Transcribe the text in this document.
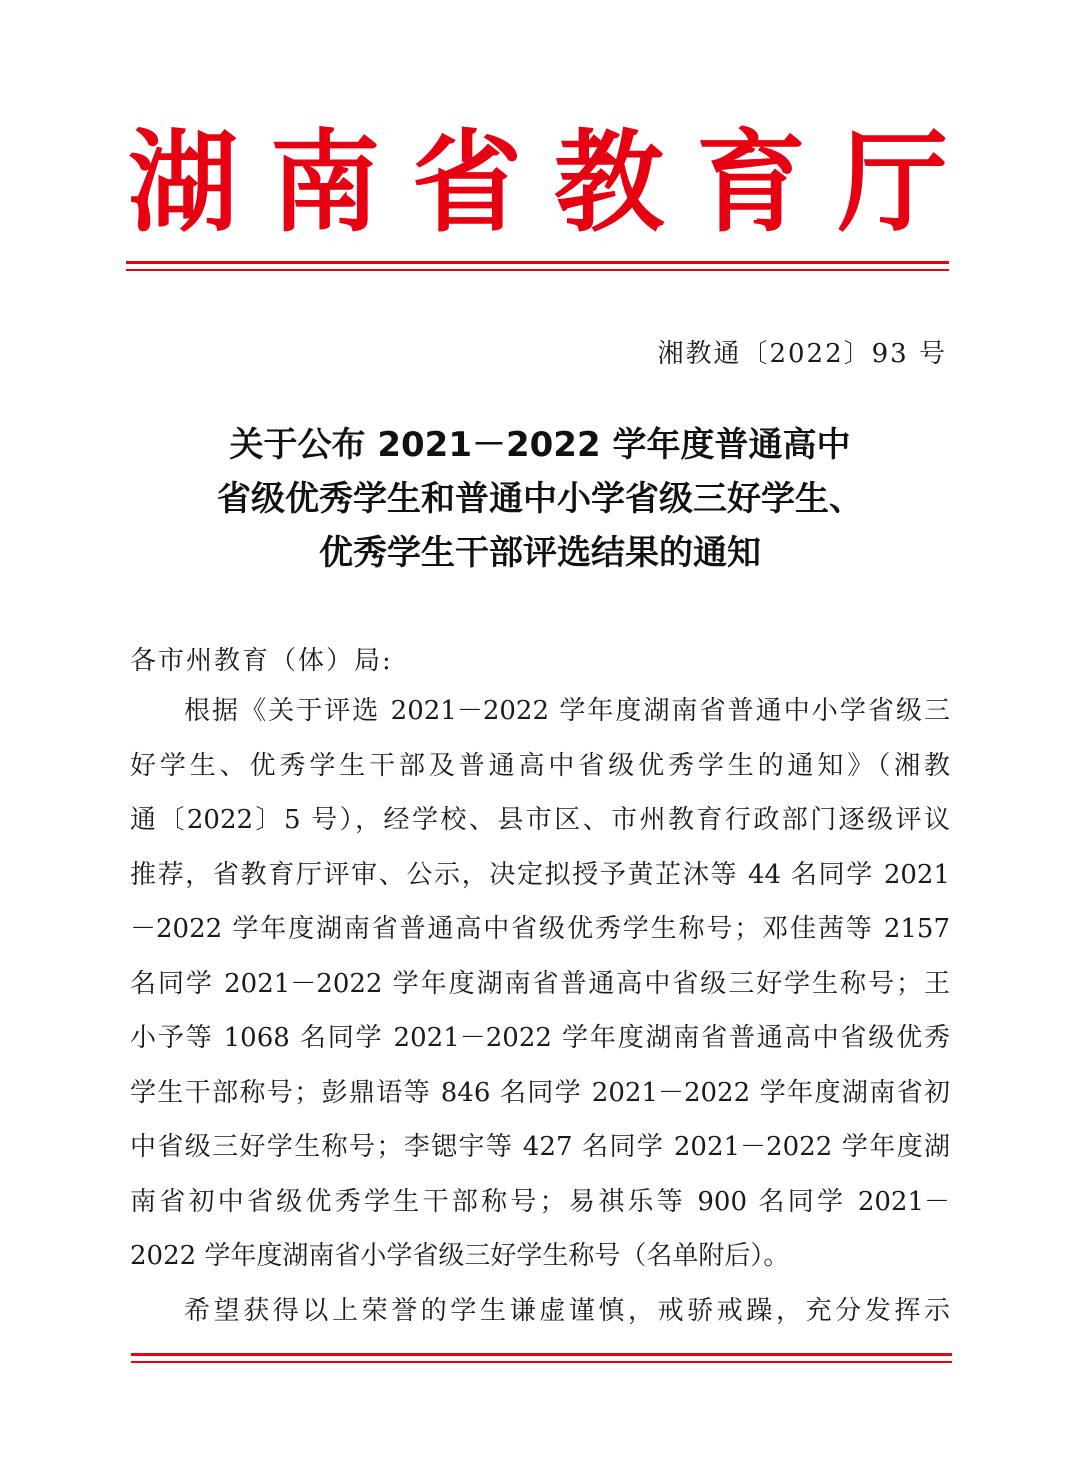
湖 南 省 教 育 厅
湘教通〔2022〕93 号
关于公布 2021－2022 学年度普通高中
省级优秀学生和普通中小学省级三好学生、
优秀学生干部评选结果的通知
各市州教育（体）局:
根据《关于评选 2021－2022 学年度湖南省普通中小学省级三
好学生、优秀学生干部及普通高中省级优秀学生的通知》（湘教
通〔2022〕5 号），经学校、县市区、市州教育行政部门逐级评议
推荐，省教育厅评审、公示，决定拟授予黄芷沐等 44 名同学 2021
－2022 学年度湖南省普通高中省级优秀学生称号；邓佳茜等 2157
名同学 2021－2022 学年度湖南省普通高中省级三好学生称号；王
小予等 1068 名同学 2021－2022 学年度湖南省普通高中省级优秀
学生干部称号；彭鼎语等 846 名同学 2021－2022 学年度湖南省初
中省级三好学生称号；李锶宇等 427 名同学 2021－2022 学年度湖
南省初中省级优秀学生干部称号；易祺乐等 900 名同学 2021－
2022 学年度湖南省小学省级三好学生称号（名单附后）。
希望获得以上荣誉的学生谦虚谨慎，戒骄戒躁，充分发挥示
